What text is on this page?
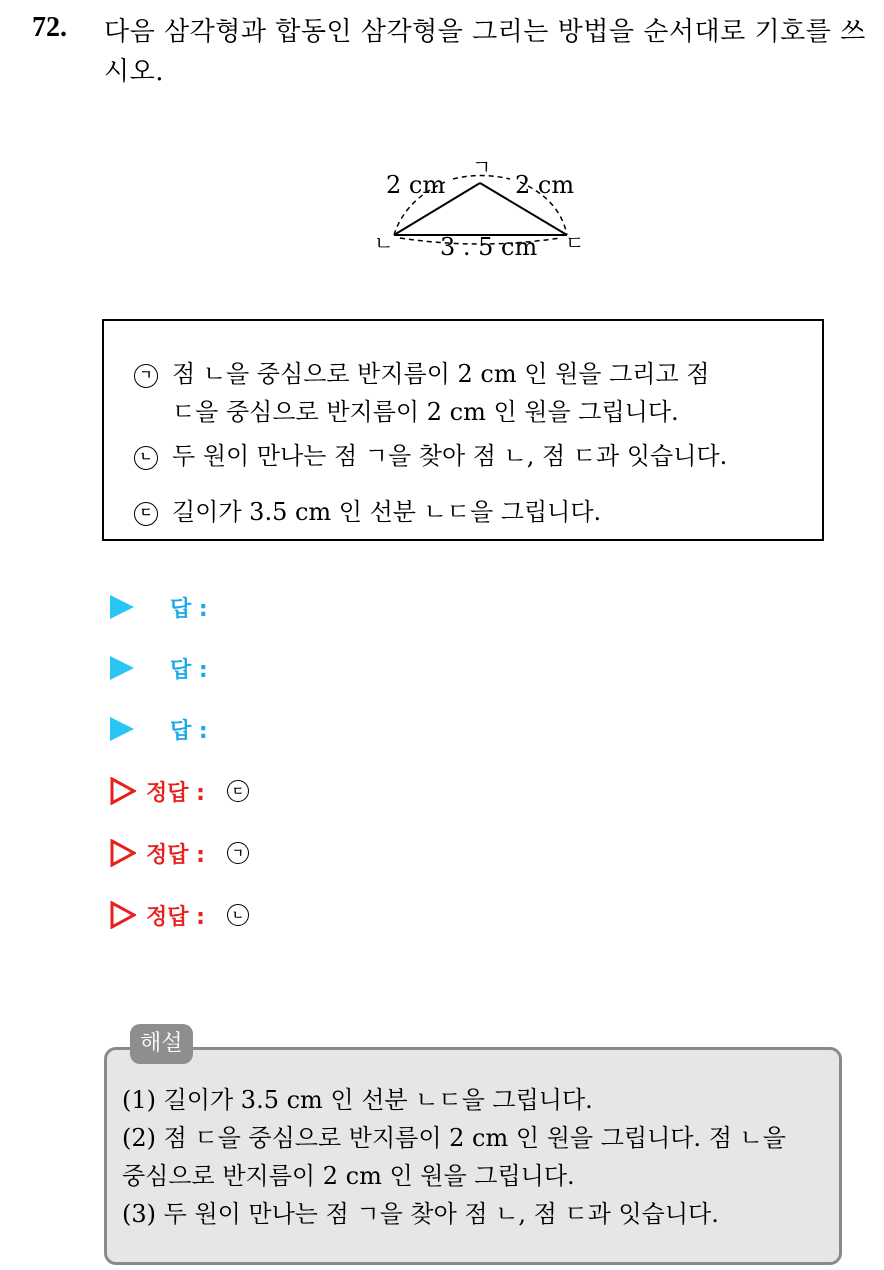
72. 다음 삼각형과 합동인 삼각형을 그리는 방법을 순서대로 기호를 쓰시오.
ㄱ
ㄴ	ㄷ
2 cm	2 cm
3 . 5 cm
ㄱ 점 ㄴ을 중심으로 반지름이 2 cm 인 원을 그리고 점
ㄷ을 중심으로 반지름이 2 cm 인 원을 그립니다.
ㄴ 두 원이 만나는 점 ㄱ을 찾아 점 ㄴ, 점 ㄷ과 잇습니다.
ㄷ 길이가 3.5 cm 인 선분 ㄴㄷ을 그립니다.
답 :
답 :
답 :
정답 :	ㄷ
정답 :	ㄱ
정답 :	ㄴ
해설
(1) 길이가 3.5 cm 인 선분 ㄴㄷ을 그립니다.
(2) 점 ㄷ을 중심으로 반지름이 2 cm 인 원을 그립니다. 점 ㄴ을
중심으로 반지름이 2 cm 인 원을 그립니다.
(3) 두 원이 만나는 점 ㄱ을 찾아 점 ㄴ, 점 ㄷ과 잇습니다.
